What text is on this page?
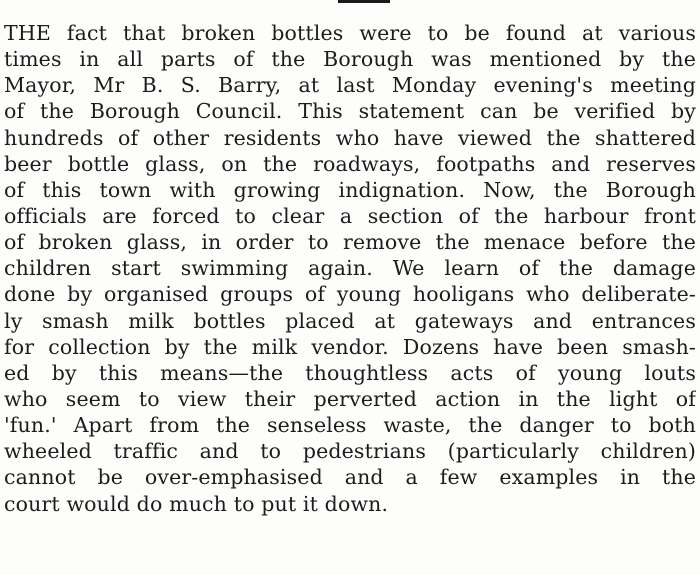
THE fact that broken bottles were to be found at various
times in all parts of the Borough was mentioned by the
Mayor, Mr B. S. Barry, at last Monday evening's meeting
of the Borough Council. This statement can be verified by
hundreds of other residents who have viewed the shattered
beer bottle glass, on the roadways, footpaths and reserves
of this town with growing indignation. Now, the Borough
officials are forced to clear a section of the harbour front
of broken glass, in order to remove the menace before the
children start swimming again. We learn of the damage
done by organised groups of young hooligans who deliberate-
ly smash milk bottles placed at gateways and entrances
for collection by the milk vendor. Dozens have been smash-
ed by this means—the thoughtless acts of young louts
who seem to view their perverted action in the light of
'fun.' Apart from the senseless waste, the danger to both
wheeled traffic and to pedestrians (particularly children)
cannot be over-emphasised and a few examples in the
court would do much to put it down.
